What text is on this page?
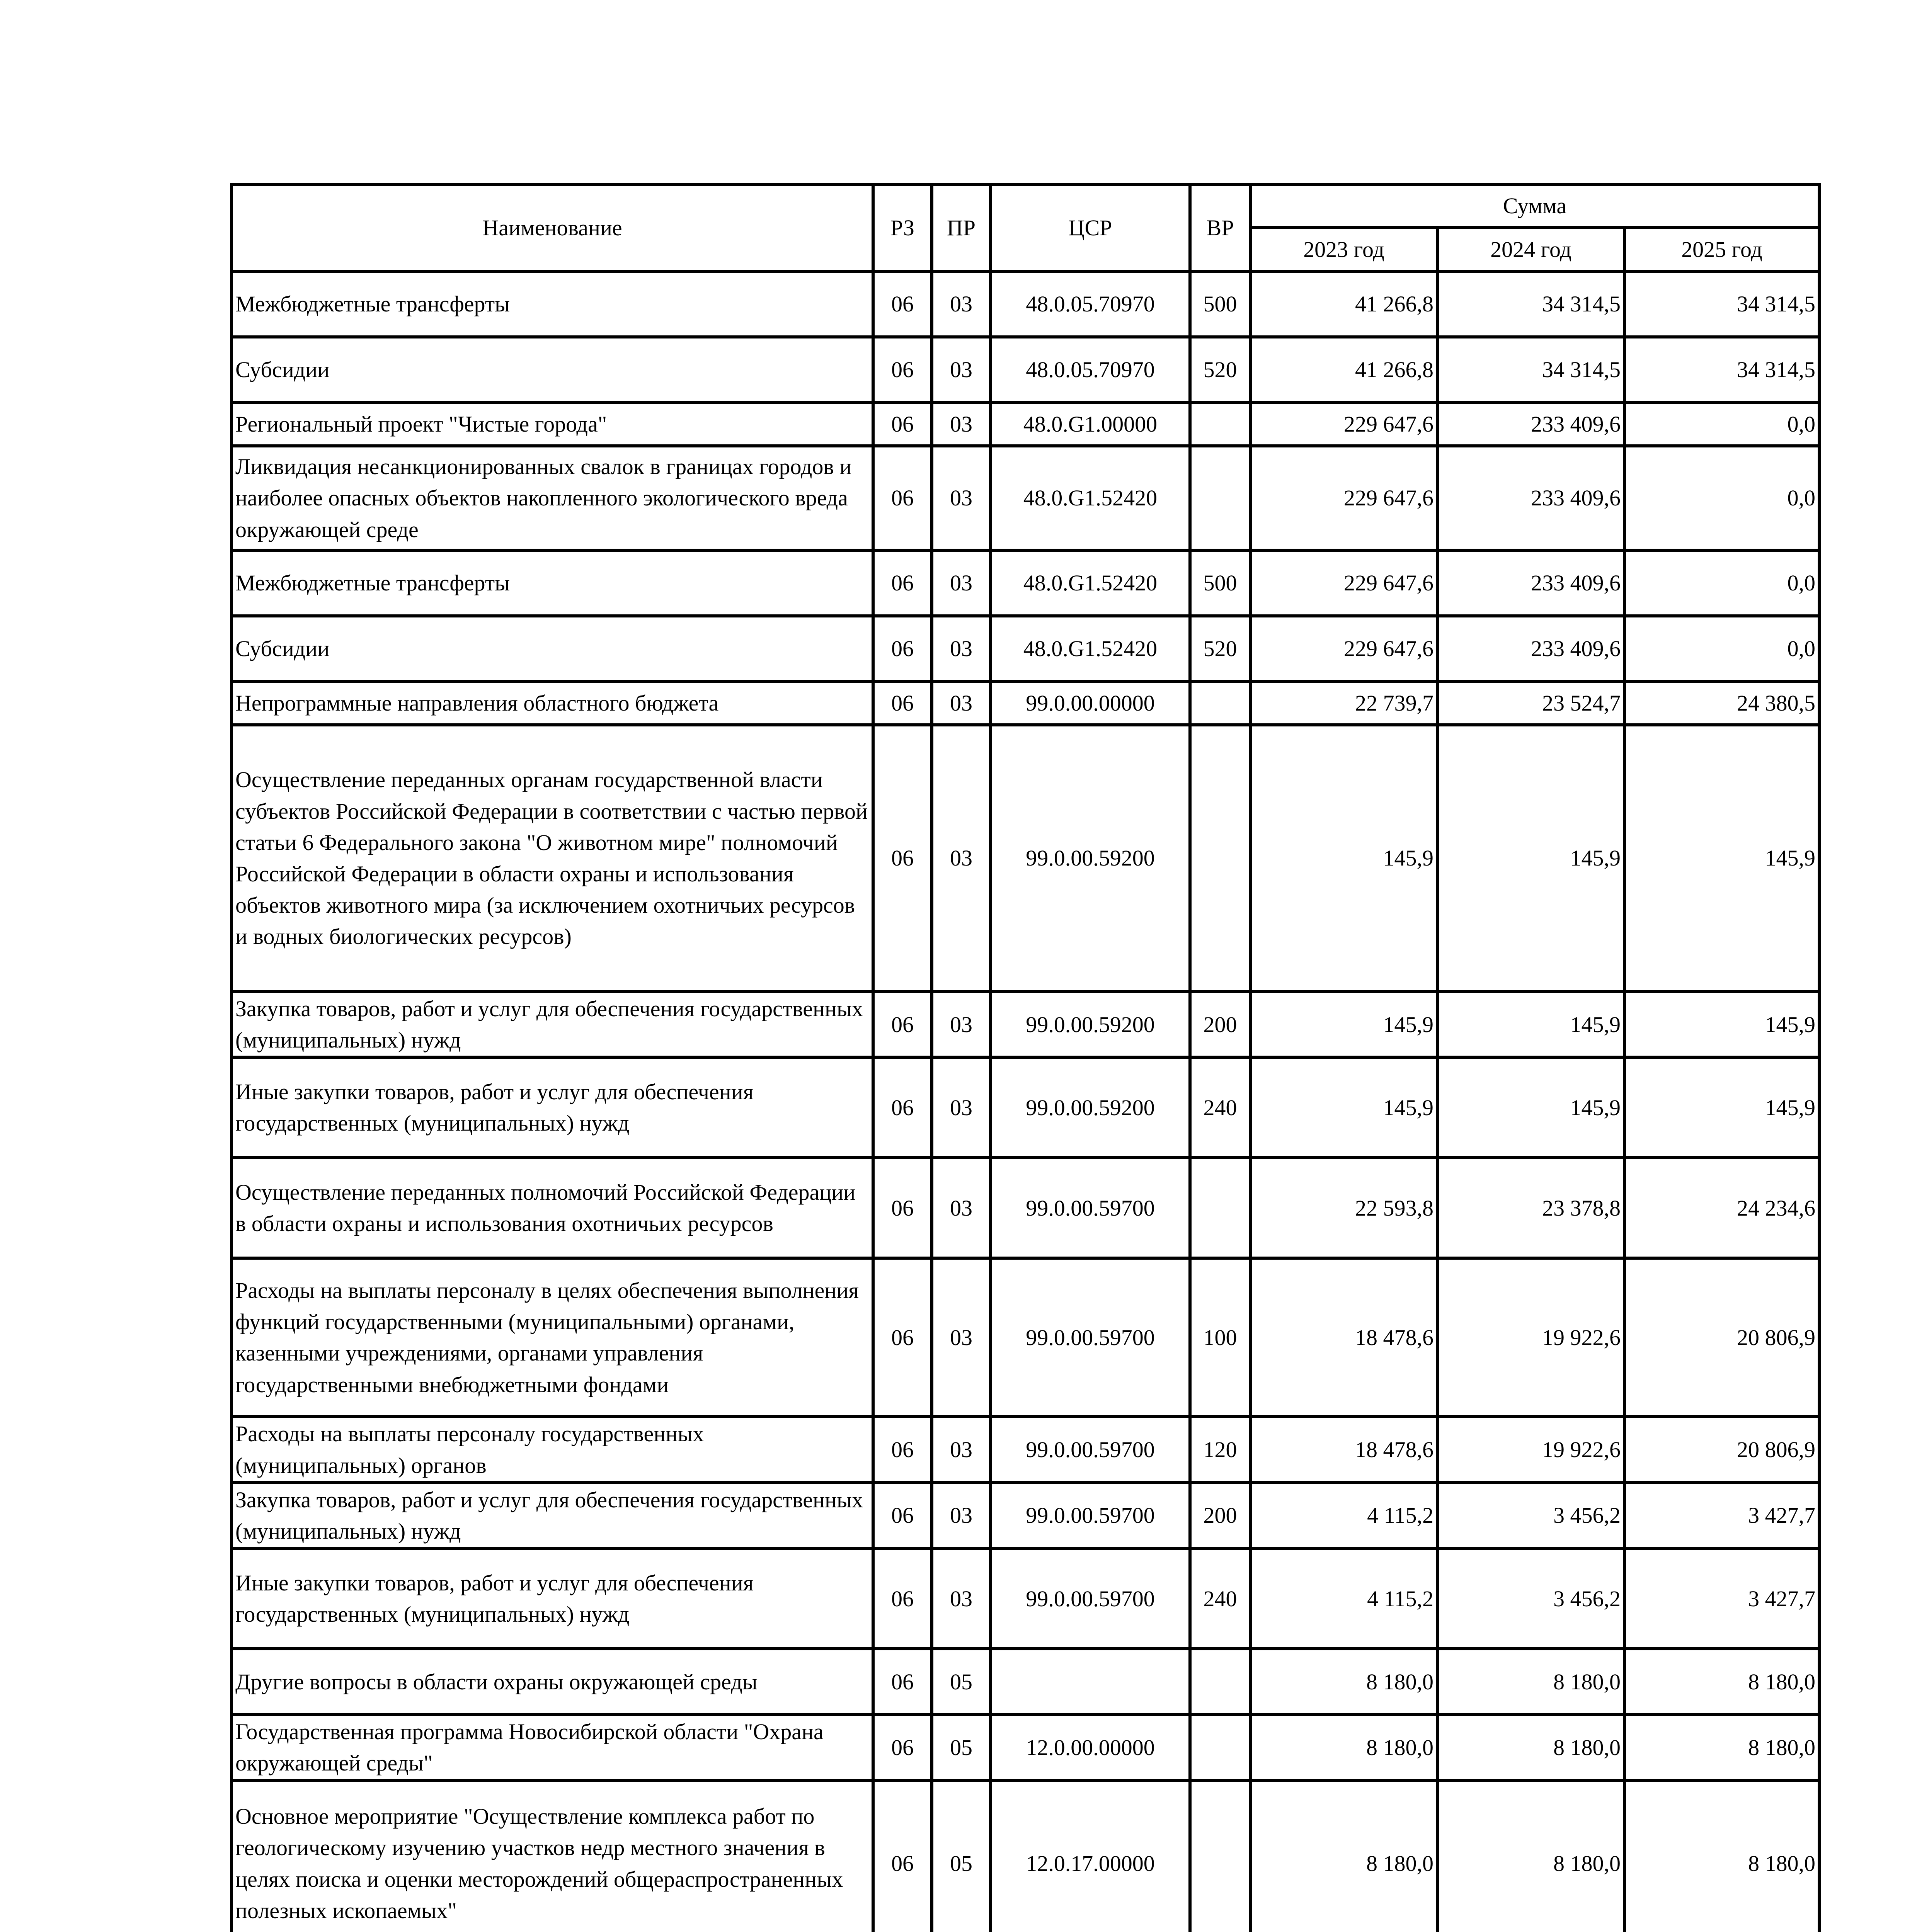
Наименование	РЗ	ПР	ЦСР	ВР	Сумма		
					2023 год	2024 год	2025 год
Межбюджетные трансферты	06	03	48.0.05.70970	500	41 266,8	34 314,5	34 314,5
Субсидии	06	03	48.0.05.70970	520	41 266,8	34 314,5	34 314,5
Региональный проект "Чистые города"	06	03	48.0.G1.00000		229 647,6	233 409,6	0,0
Ликвидация несанкционированных свалок в границах городов и наиболее опасных объектов накопленного экологического вреда окружающей среде	06	03	48.0.G1.52420		229 647,6	233 409,6	0,0
Межбюджетные трансферты	06	03	48.0.G1.52420	500	229 647,6	233 409,6	0,0
Субсидии	06	03	48.0.G1.52420	520	229 647,6	233 409,6	0,0
Непрограммные направления областного бюджета	06	03	99.0.00.00000		22 739,7	23 524,7	24 380,5
Осуществление переданных органам государственной власти субъектов Российской Федерации в соответствии с частью первой статьи 6 Федерального закона "О животном мире" полномочий Российской Федерации в области охраны и использования объектов животного мира (за исключением охотничьих ресурсов и водных биологических ресурсов)	06	03	99.0.00.59200		145,9	145,9	145,9
Закупка товаров, работ и услуг для обеспечения государственных (муниципальных) нужд	06	03	99.0.00.59200	200	145,9	145,9	145,9
Иные закупки товаров, работ и услуг для обеспечения государственных (муниципальных) нужд	06	03	99.0.00.59200	240	145,9	145,9	145,9
Осуществление переданных полномочий Российской Федерации в области охраны и использования охотничьих ресурсов	06	03	99.0.00.59700		22 593,8	23 378,8	24 234,6
Расходы на выплаты персоналу в целях обеспечения выполнения функций государственными (муниципальными) органами, казенными учреждениями, органами управления государственными внебюджетными фондами	06	03	99.0.00.59700	100	18 478,6	19 922,6	20 806,9
Расходы на выплаты персоналу государственных (муниципальных) органов	06	03	99.0.00.59700	120	18 478,6	19 922,6	20 806,9
Закупка товаров, работ и услуг для обеспечения государственных (муниципальных) нужд	06	03	99.0.00.59700	200	4 115,2	3 456,2	3 427,7
Иные закупки товаров, работ и услуг для обеспечения государственных (муниципальных) нужд	06	03	99.0.00.59700	240	4 115,2	3 456,2	3 427,7
Другие вопросы в области охраны окружающей среды	06	05			8 180,0	8 180,0	8 180,0
Государственная программа Новосибирской области "Охрана окружающей среды"	06	05	12.0.00.00000		8 180,0	8 180,0	8 180,0
Основное мероприятие "Осуществление комплекса работ по геологическому изучению участков недр местного значения в целях поиска и оценки месторождений общераспространенных полезных ископаемых"	06	05	12.0.17.00000		8 180,0	8 180,0	8 180,0
